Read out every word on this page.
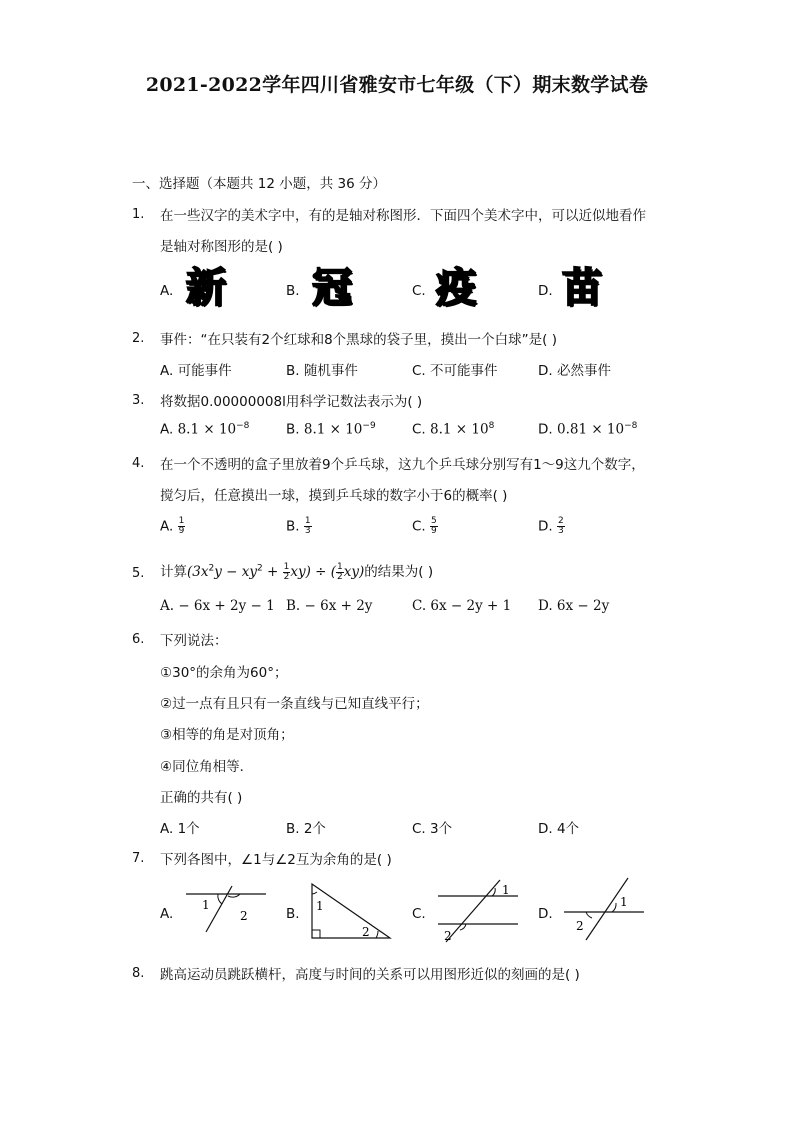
2021-2022学年四川省雅安市七年级（下）期末数学试卷
一、选择题（本题共 12 小题，共 36 分）
1. 在一些汉字的美术字中，有的是轴对称图形．下面四个美术字中，可以近似地看作
是轴对称图形的是( )
A. 新	B. 冠	C. 疫	D. 苗
2. 事件：“在只装有2个红球和8个黑球的袋子里，摸出一个白球”是( )
A. 可能事件	B. 随机事件	C. 不可能事件	D. 必然事件
3. 将数据0.00000008l用科学记数法表示为( )
A. $8.1 \times 10^{-8}$	B. $8.1 \times 10^{-9}$	C. $8.1 \times 10^8$	D. $0.81 \times 10^{-8}$
4. 在一个不透明的盒子里放着9个乒乓球，这九个乒乓球分别写有1～9这九个数字，
搅匀后，任意摸出一球，摸到乒乓球的数字小于6的概率( )
A. $\frac{1}{9}$	B. $\frac{1}{3}$	C. $\frac{5}{9}$	D. $\frac{2}{3}$
5. 计算$(3x^2y - xy^2 + \frac{1}{2} xy)$ ÷ ( $\frac{1}{2} xy$)的结果为( )
A. − 6x + 2y − 1 B. − 6x + 2y	C. 6x − 2y + 1 D. 6x − 2y
6. 下列说法：
①30°的余角为60°；
②过一点有且只有一条直线与已知直线平行；
③相等的角是对顶角；
④同位角相等．
正确的共有( )
A. 1个	B. 2个	C. 3个	D. 4个
7. 下列各图中，∠1与∠2互为余角的是( )
A.
1
2	B. 1
2
C.
1
2
D.
1
2
8. 跳高运动员跳跃横杆，高度与时间的关系可以用图形近似的刻画的是( )
